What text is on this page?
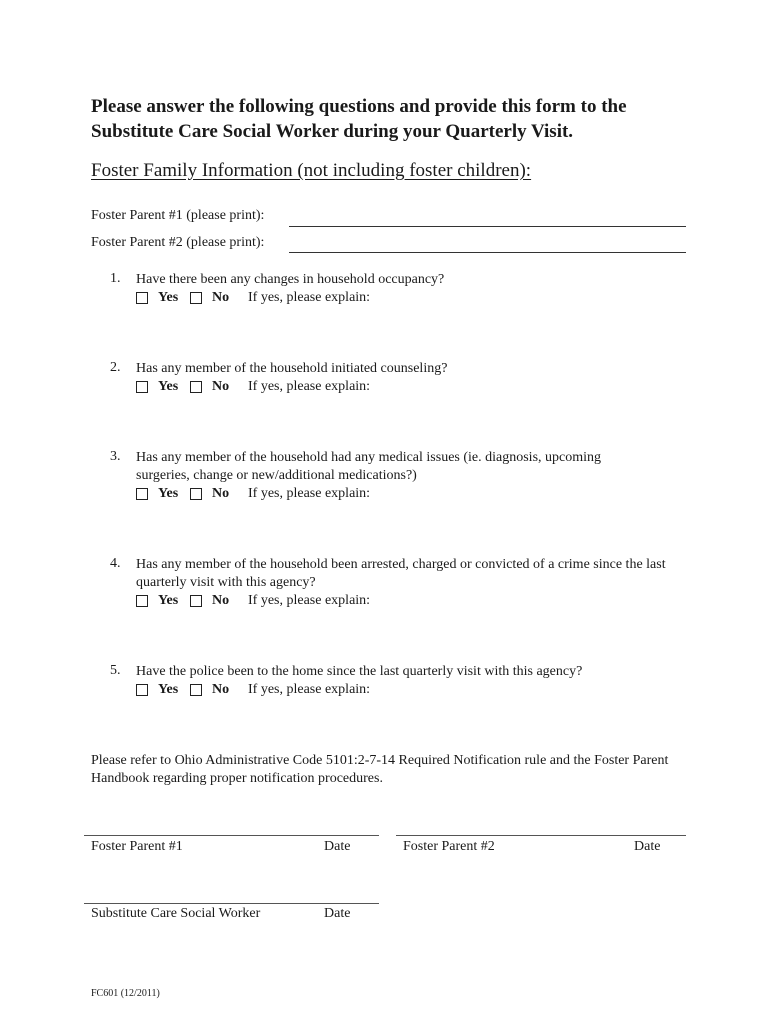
Please answer the following questions and provide this form to the Substitute Care Social Worker during your Quarterly Visit.
Foster Family Information (not including foster children):
Foster Parent #1 (please print):
Foster Parent #2 (please print):
1. Have there been any changes in household occupancy?
Yes No	If yes, please explain:
2. Has any member of the household initiated counseling?
Yes No	If yes, please explain:
3. Has any member of the household had any medical issues (ie. diagnosis, upcoming surgeries, change or new/additional medications?)
Yes No	If yes, please explain:
4. Has any member of the household been arrested, charged or convicted of a crime since the last quarterly visit with this agency?
Yes No	If yes, please explain:
5. Have the police been to the home since the last quarterly visit with this agency?
Yes No	If yes, please explain:
Please refer to Ohio Administrative Code 5101:2-7-14 Required Notification rule and the Foster Parent Handbook regarding proper notification procedures.
Foster Parent #1	Date	Foster Parent #2	Date
Substitute Care Social Worker	Date
FC601 (12/2011)
